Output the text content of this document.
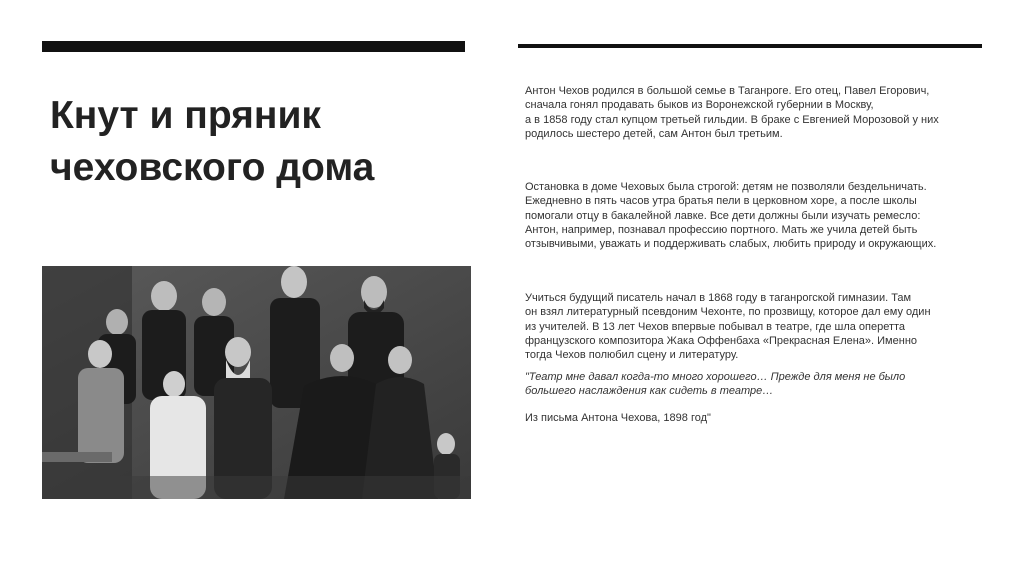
Кнут и пряник
чеховского дома
Антон Чехов родился в большой семье в Таганроге. Его отец, Павел Егорович,
сначала гонял продавать быков из Воронежской губернии в Москву,
а в 1858 году стал купцом третьей гильдии. В браке с Евгенией Морозовой у них
родилось шестеро детей, сам Антон был третьим.
Остановка в доме Чеховых была строгой: детям не позволяли бездельничать.
Ежедневно в пять часов утра братья пели в церковном хоре, а после школы
помогали отцу в бакалейной лавке. Все дети должны были изучать ремесло:
Антон, например, познавал профессию портного. Мать же учила детей быть
отзывчивыми, уважать и поддерживать слабых, любить природу и окружающих.
Учиться будущий писатель начал в 1868 году в таганрогской гимназии. Там
он взял литературный псевдоним Чехонте, по прозвищу, которое дал ему один
из учителей. В 13 лет Чехов впервые побывал в театре, где шла оперетта
французского композитора Жака Оффенбаха «Прекрасная Елена». Именно
тогда Чехов полюбил сцену и литературу.
"Театр мне давал когда-то много хорошего… Прежде для меня не было
большего наслаждения как сидеть в театре…
Из письма Антона Чехова, 1898 год"
